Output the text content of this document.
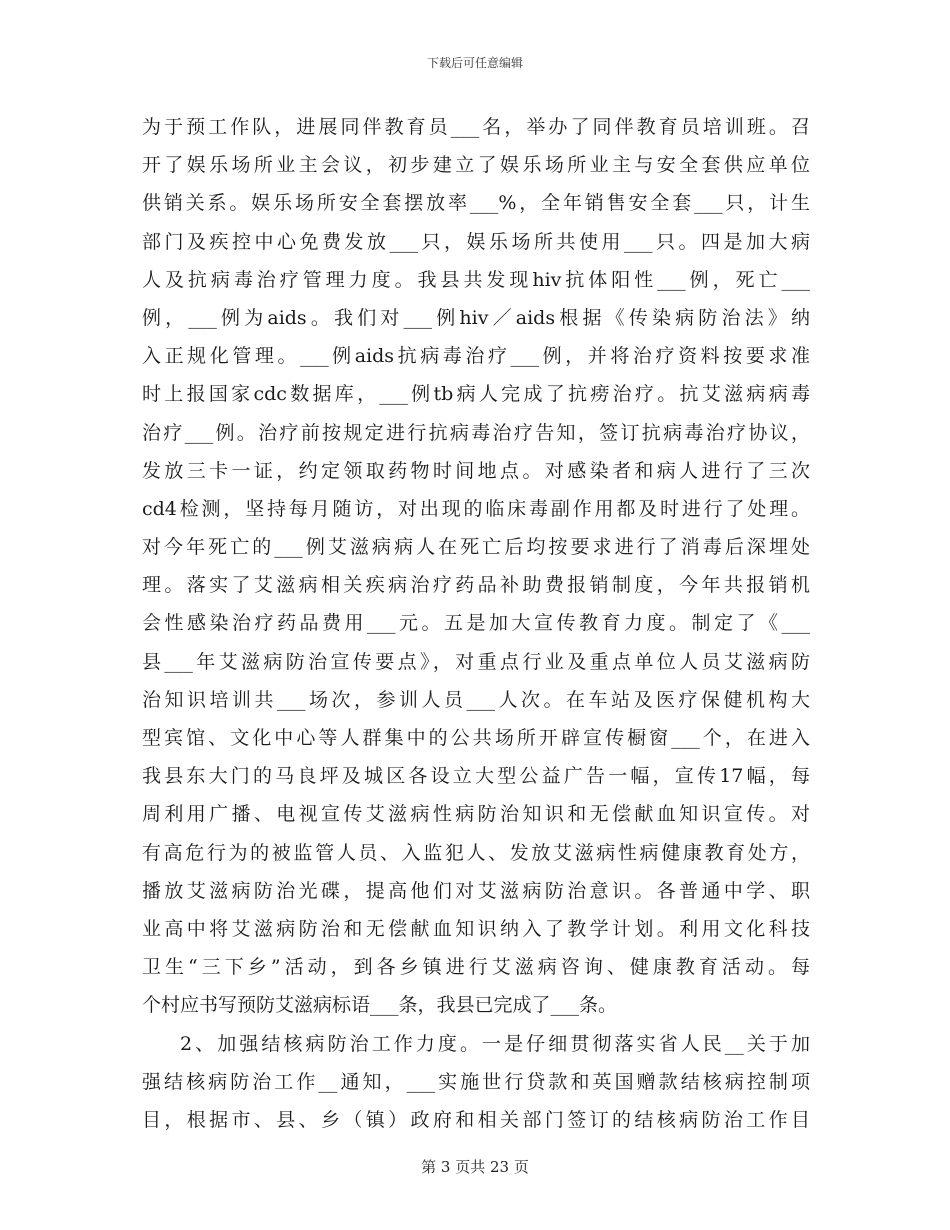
下载后可任意编辑
为于预工作队，进展同伴教育员___名，举办了同伴教育员培训班。召
开了娱乐场所业主会议，初步建立了娱乐场所业主与安全套供应单位
供销关系。娱乐场所安全套摆放率___%，全年销售安全套___只，计生
部门及疾控中心免费发放___只，娱乐场所共使用___只。四是加大病
人及抗病毒治疗管理力度。我县共发现hiv抗体阳性___例，死亡___
例，___例为aids。我们对___例hiv／aids根据《传染病防治法》纳
入正规化管理。___例aids抗病毒治疗___例，并将治疗资料按要求准
时上报国家cdc数据库，___例tb病人完成了抗痨治疗。抗艾滋病病毒
治疗___例。治疗前按规定进行抗病毒治疗告知，签订抗病毒治疗协议，
发放三卡一证，约定领取药物时间地点。对感染者和病人进行了三次
cd4检测，坚持每月随访，对出现的临床毒副作用都及时进行了处理。
对今年死亡的___例艾滋病病人在死亡后均按要求进行了消毒后深埋处
理。落实了艾滋病相关疾病治疗药品补助费报销制度，今年共报销机
会性感染治疗药品费用___元。五是加大宣传教育力度。制定了《___
县___年艾滋病防治宣传要点》，对重点行业及重点单位人员艾滋病防
治知识培训共___场次，参训人员___人次。在车站及医疗保健机构大
型宾馆、文化中心等人群集中的公共场所开辟宣传橱窗___个，在进入
我县东大门的马良坪及城区各设立大型公益广告一幅，宣传17幅，每
周利用广播、电视宣传艾滋病性病防治知识和无偿献血知识宣传。对
有高危行为的被监管人员、入监犯人、发放艾滋病性病健康教育处方，
播放艾滋病防治光碟，提高他们对艾滋病防治意识。各普通中学、职
业高中将艾滋病防治和无偿献血知识纳入了教学计划。利用文化科技
卫生“三下乡”活动，到各乡镇进行艾滋病咨询、健康教育活动。每
个村应书写预防艾滋病标语___条，我县已完成了___条。
2、加强结核病防治工作力度。一是仔细贯彻落实省人民__关于加
强结核病防治工作__通知，___实施世行贷款和英国赠款结核病控制项
目，根据市、县、乡（镇）政府和相关部门签订的结核病防治工作目
第 3 页共 23 页
